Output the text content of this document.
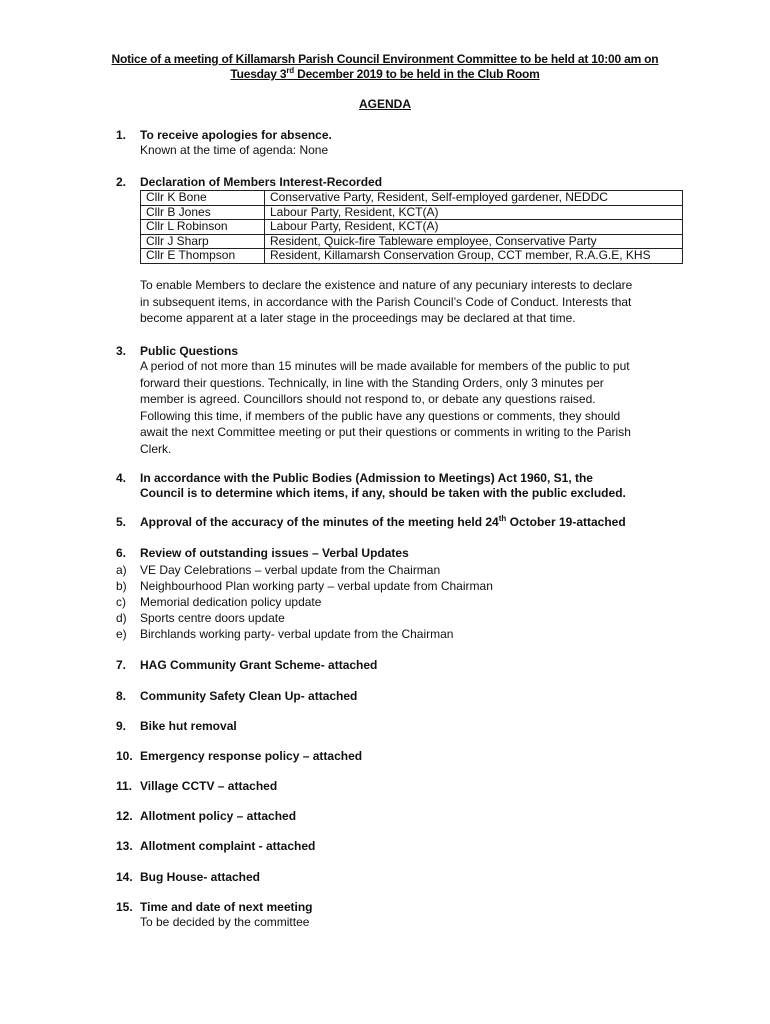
Notice of a meeting of Killamarsh Parish Council Environment Committee to be held at 10:00 am on
Tuesday 3rd December 2019 to be held in the Club Room
AGENDA
1.	To receive apologies for absence.
Known at the time of agenda: None
2.	Declaration of Members Interest-Recorded
Cllr K Bone	Conservative Party, Resident, Self-employed gardener, NEDDC
Cllr B Jones	Labour Party, Resident, KCT(A)
Cllr L Robinson	Labour Party, Resident, KCT(A)
Cllr J Sharp	Resident, Quick-fire Tableware employee, Conservative Party
Cllr E Thompson	Resident, Killamarsh Conservation Group, CCT member, R.A.G.E, KHS
To enable Members to declare the existence and nature of any pecuniary interests to declare
in subsequent items, in accordance with the Parish Council’s Code of Conduct. Interests that
become apparent at a later stage in the proceedings may be declared at that time.
3.	Public Questions
A period of not more than 15 minutes will be made available for members of the public to put
forward their questions. Technically, in line with the Standing Orders, only 3 minutes per
member is agreed. Councillors should not respond to, or debate any questions raised.
Following this time, if members of the public have any questions or comments, they should
await the next Committee meeting or put their questions or comments in writing to the Parish
Clerk.
4.	In accordance with the Public Bodies (Admission to Meetings) Act 1960, S1, the
Council is to determine which items, if any, should be taken with the public excluded.
5.	Approval of the accuracy of the minutes of the meeting held 24th October 19-attached
6.	Review of outstanding issues – Verbal Updates
a) VE Day Celebrations – verbal update from the Chairman
b) Neighbourhood Plan working party – verbal update from Chairman
c) Memorial dedication policy update
d) Sports centre doors update
e) Birchlands working party- verbal update from the Chairman
7.	HAG Community Grant Scheme- attached
8.	Community Safety Clean Up- attached
9.	Bike hut removal
10. Emergency response policy – attached
11. Village CCTV – attached
12. Allotment policy – attached
13. Allotment complaint - attached
14. Bug House- attached
15. Time and date of next meeting
To be decided by the committee
